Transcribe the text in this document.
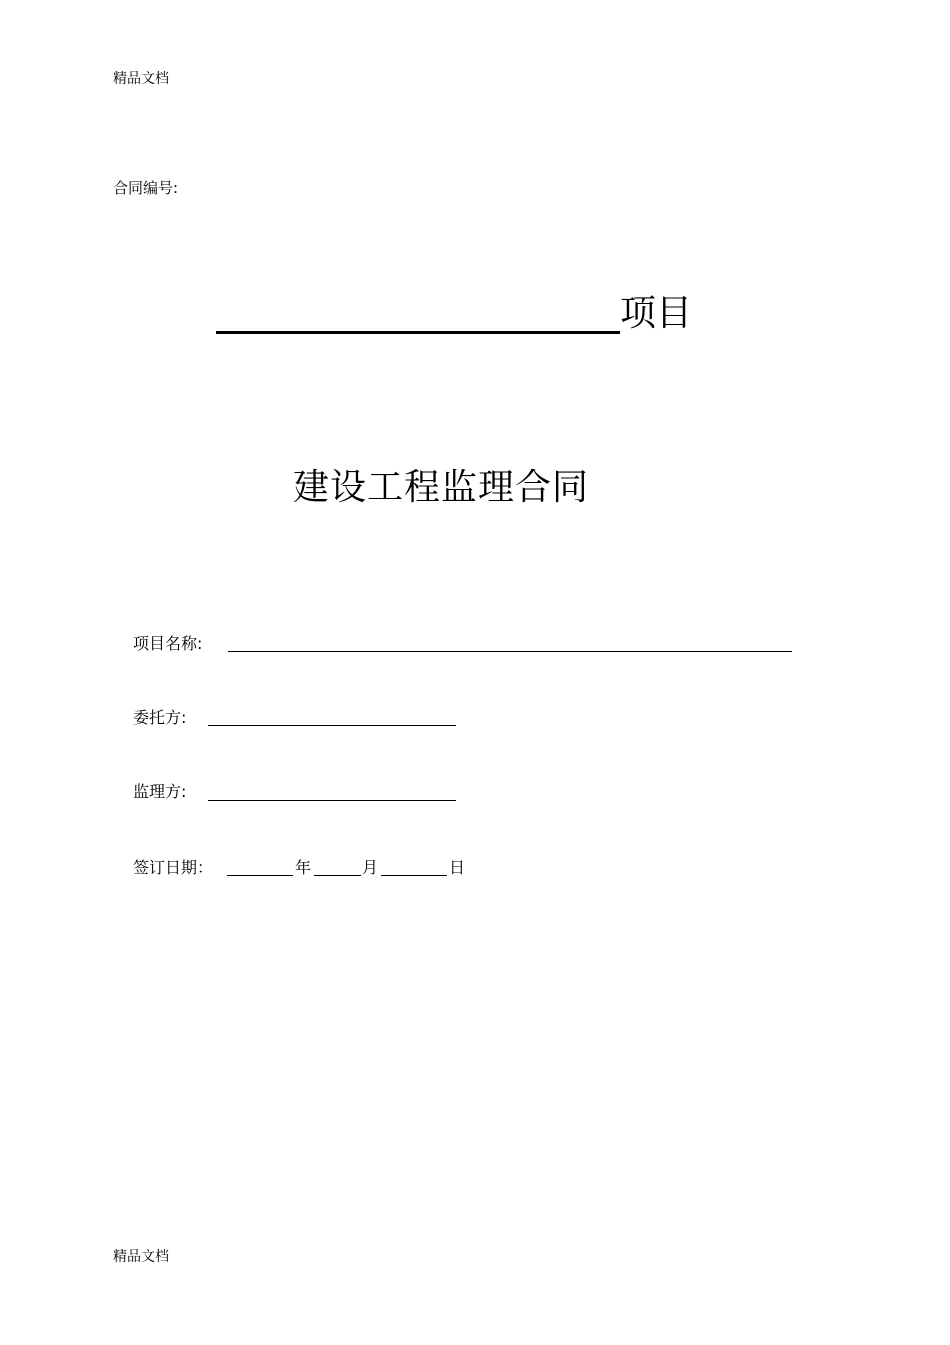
精品文档
合同编号:
项目
建设工程监理合同
项目名称:
委托方:
监理方:
签订日期：	年	月	日
精品文档
